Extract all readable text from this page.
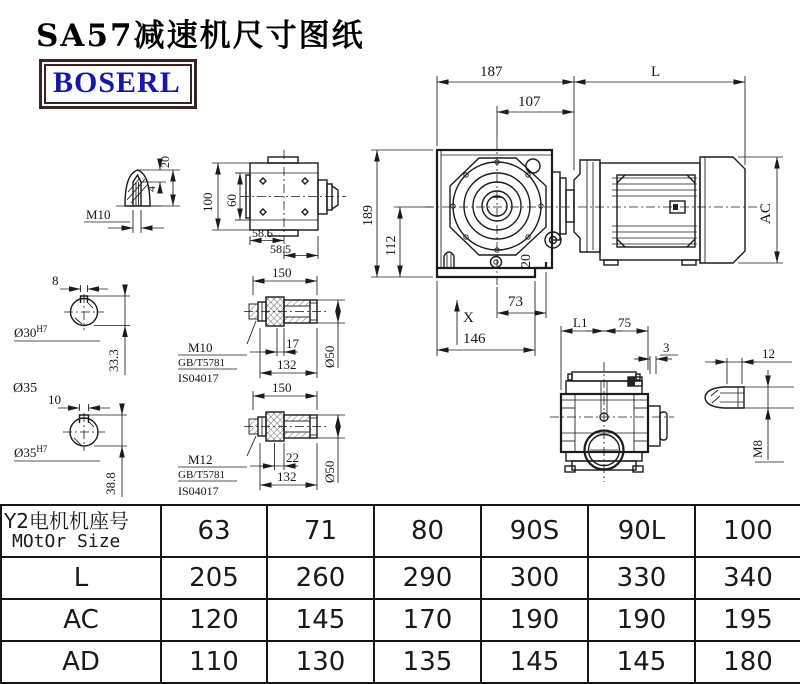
M10
4
20
100 60
58.5
58.5
187	L
107
189
112
20
73
146
X
AC
8
$Ø30^{H7}$
33.3
Ø35
10
$Ø35^{H7}$
38.8
150
M10
GB/T5781
IS04017
17
132 Ø50
150
M12
GB/T5781
IS04017
22
132 Ø50
L1 75
3	12
M8
SA57减速机尺寸图纸
BOSERL
Y2电机机座号
MOtOr Size	63	71	80	90S	90L	100
L	205	260	290	300	330	340
AC	120	145	170	190	190	195
AD	110	130	135	145	145	180
